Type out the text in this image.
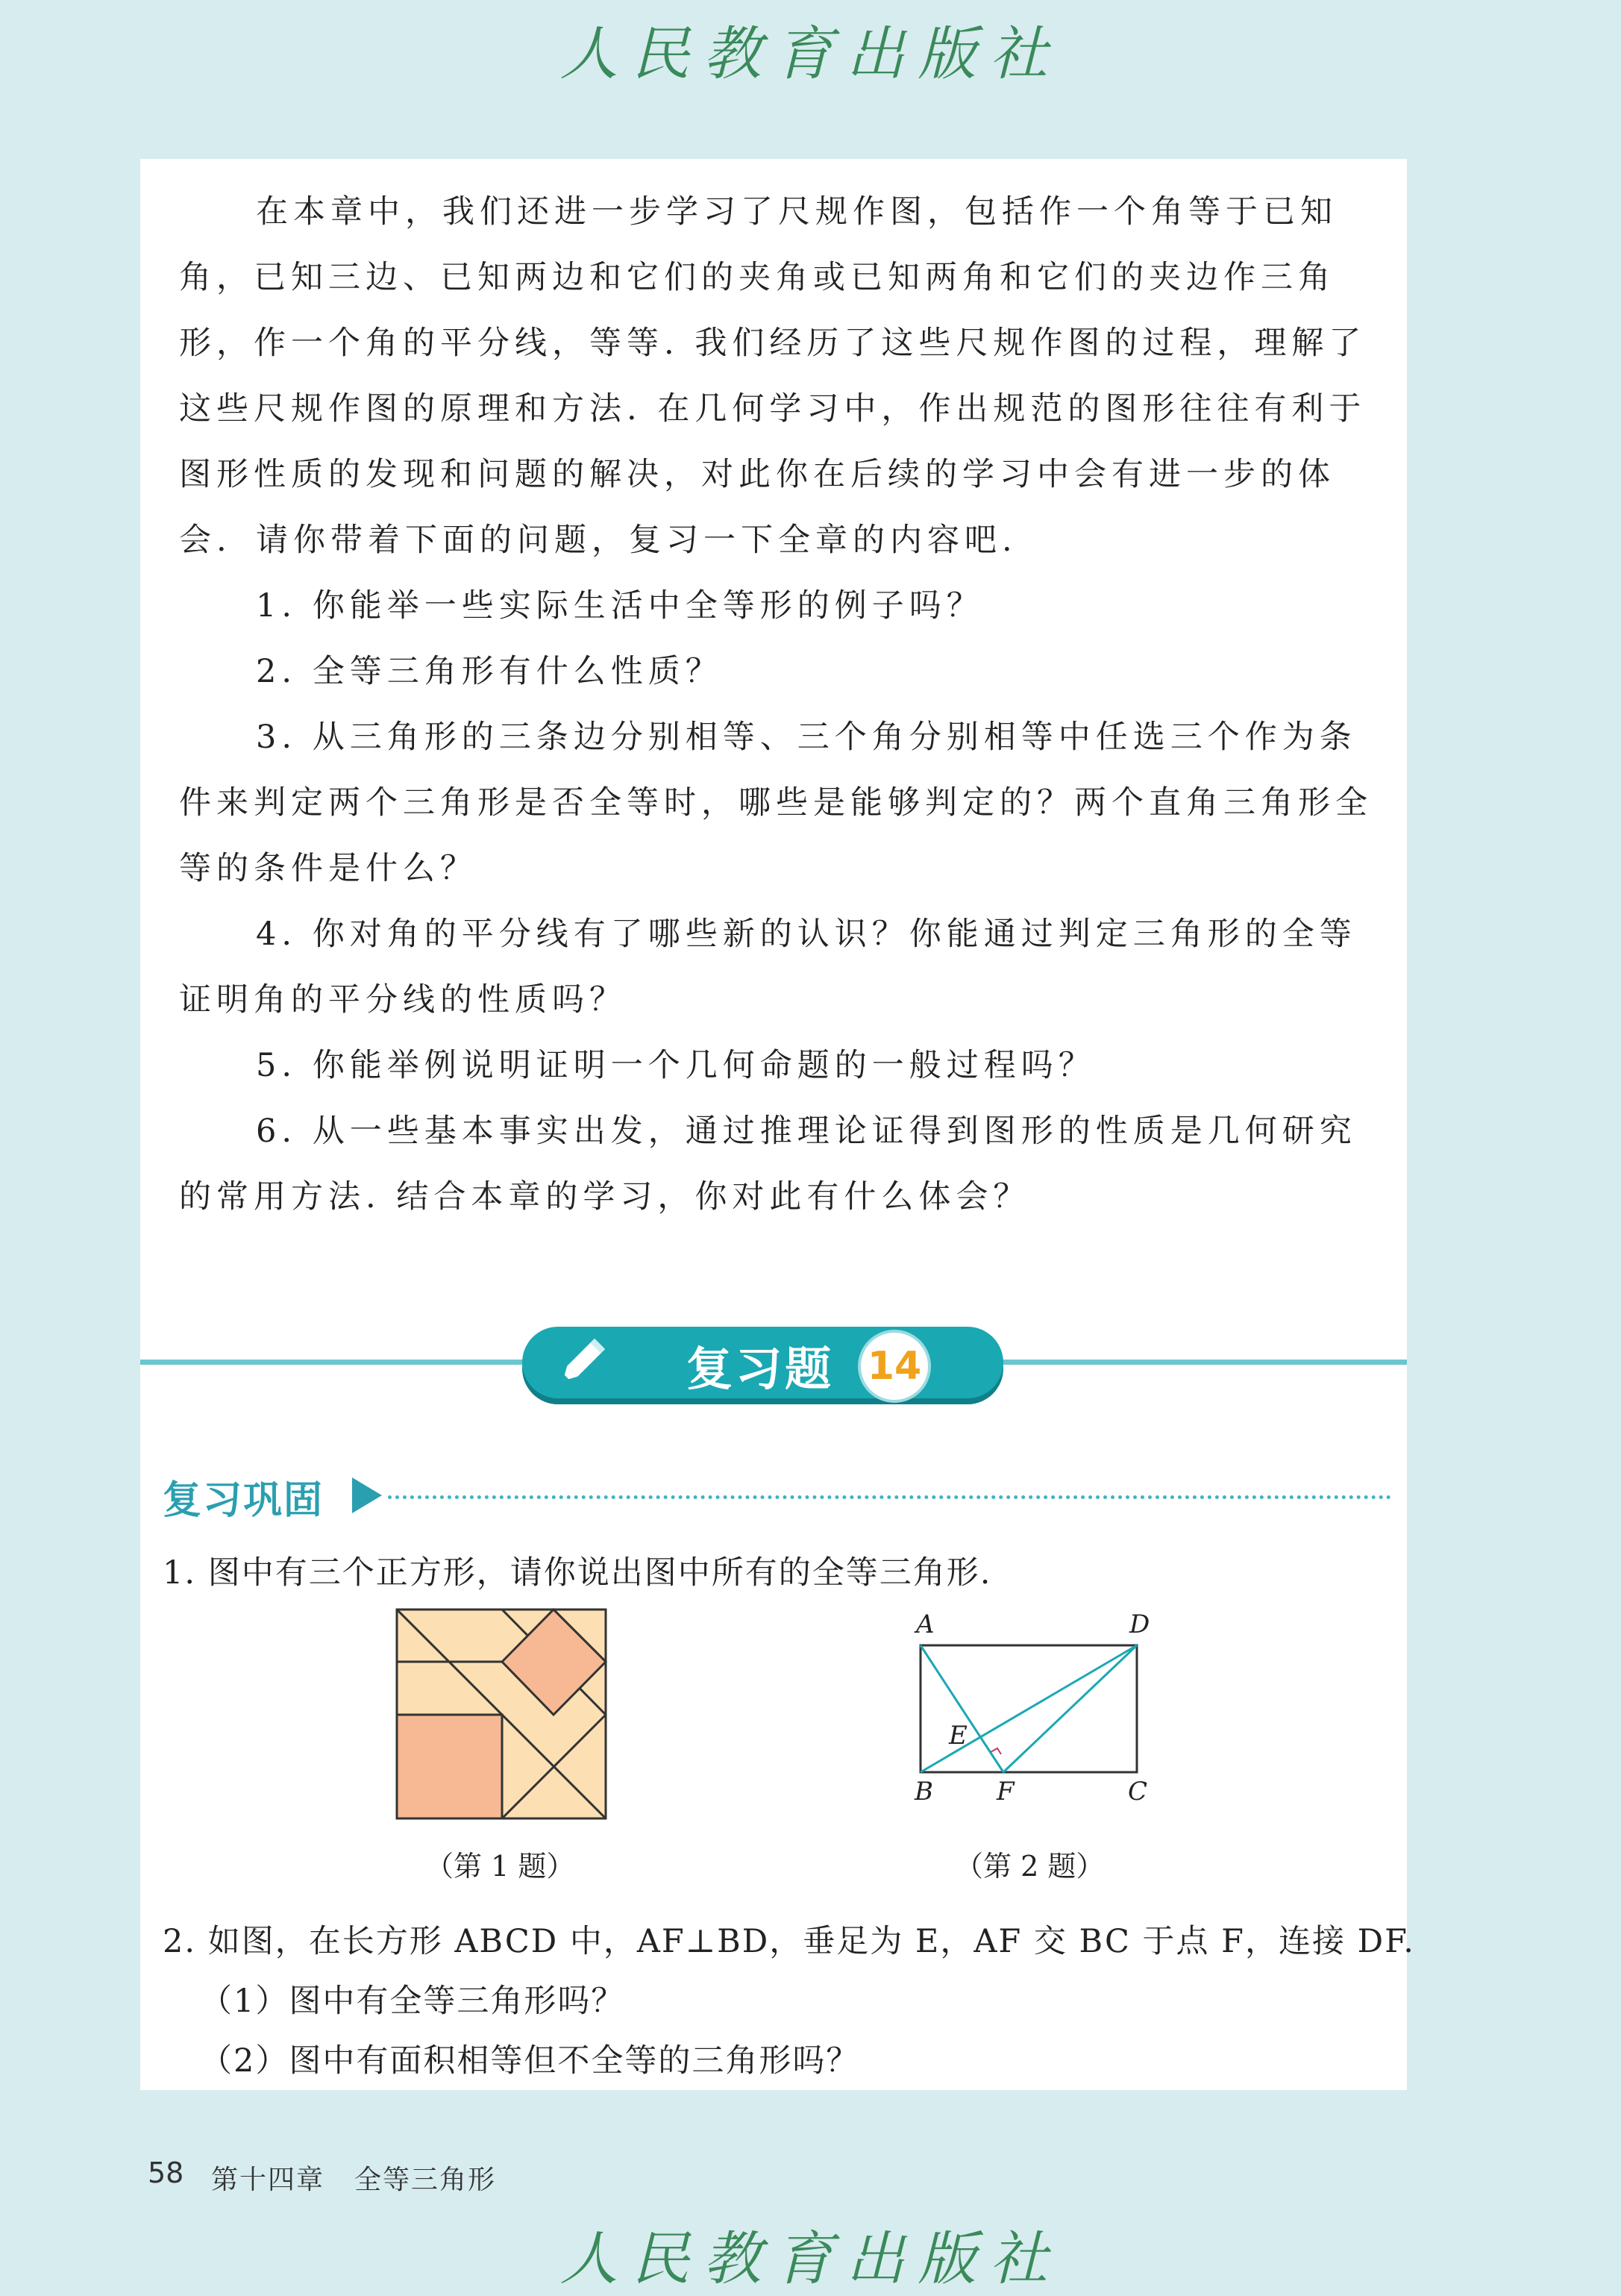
人民教育出版社

在本章中，我们还进一步学习了尺规作图，包括作一个角等于已知角，已知三边、已知两边和它们的夹角或已知两角和它们的夹边作三角形，作一个角的平分线，等等. 我们经历了这些尺规作图的过程，理解了这些尺规作图的原理和方法. 在几何学习中，作出规范的图形往往有利于图形性质的发现和问题的解决，对此你在后续的学习中会有进一步的体会. 请你带着下面的问题，复习一下全章的内容吧.

1. 你能举一些实际生活中全等形的例子吗？

2. 全等三角形有什么性质？

3. 从三角形的三条边分别相等、三个角分别相等中任选三个作为条件来判定两个三角形是否全等时，哪些是能够判定的？两个直角三角形全等的条件是什么？

4. 你对角的平分线有了哪些新的认识？你能通过判定三角形的全等证明角的平分线的性质吗？

5. 你能举例说明证明一个几何命题的一般过程吗？

6. 从一些基本事实出发，通过推理论证得到图形的性质是几何研究的常用方法. 结合本章的学习，你对此有什么体会？

复习题 14
复习巩固

1. 图中有三个正方形，请你说出图中所有的全等三角形.

（第 1 题）

A	D
B	F	C
E

（第 2 题）

2. 如图，在长方形 ABCD 中，AF⊥BD，垂足为 E，AF 交 BC 于点 F，连接 DF.

（1）图中有全等三角形吗？

（2）图中有面积相等但不全等的三角形吗？

58 第十四章 全等三角形
人民教育出版社
